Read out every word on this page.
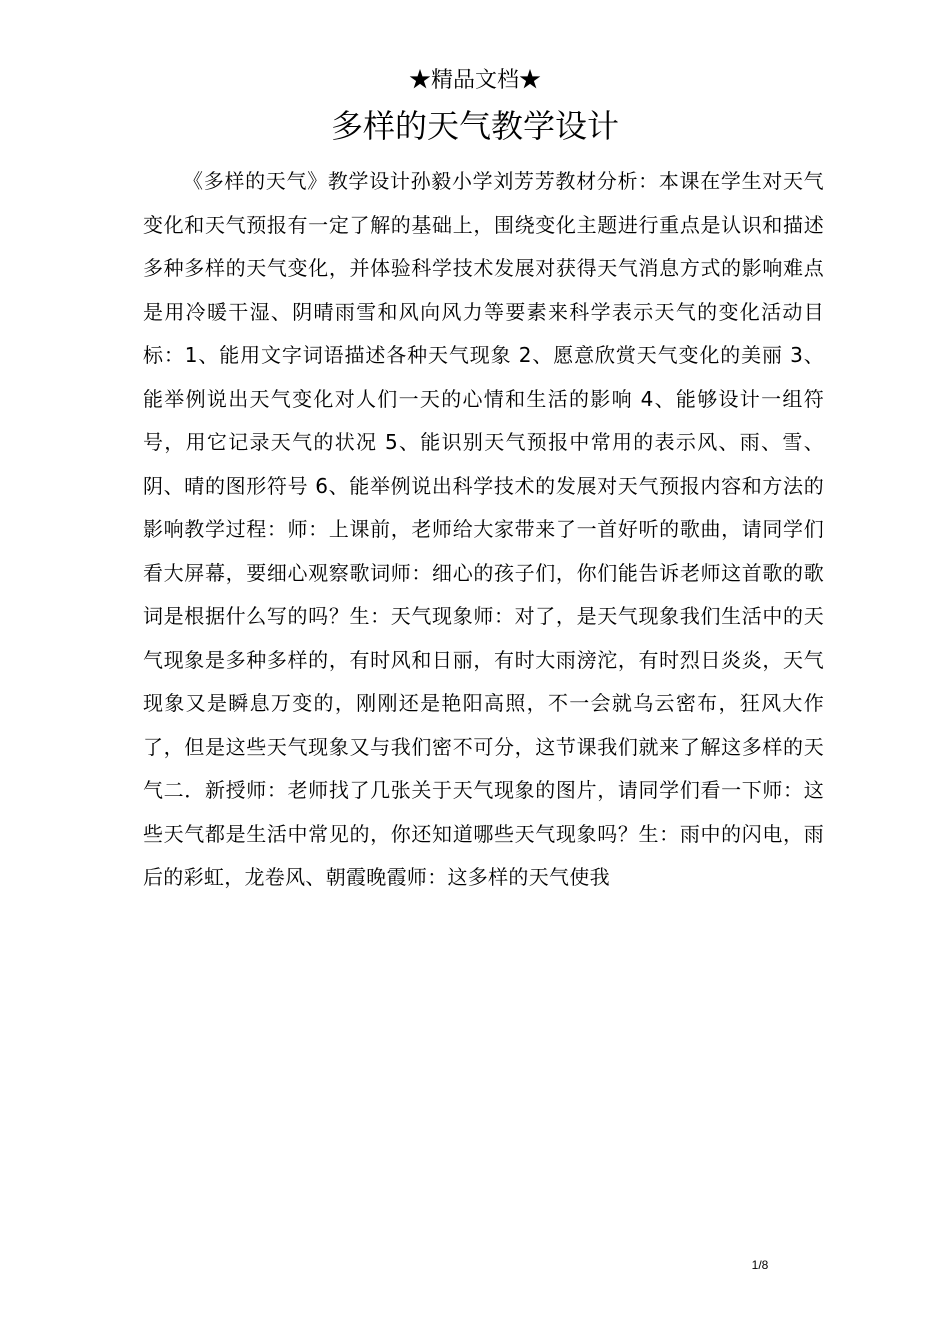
★精品文档★
多样的天气教学设计

《多样的天气》教学设计孙毅小学刘芳芳教材分析：本课在学生对天气变化和天气预报有一定了解的基础上，围绕变化主题进行重点是认识和描述多种多样的天气变化，并体验科学技术发展对获得天气消息方式的影响难点是用冷暖干湿、阴晴雨雪和风向风力等要素来科学表示天气的变化活动目标：1、能用文字词语描述各种天气现象 2、愿意欣赏天气变化的美丽 3、能举例说出天气变化对人们一天的心情和生活的影响 4、能够设计一组符号，用它记录天气的状况 5、能识别天气预报中常用的表示风、雨、雪、阴、晴的图形符号 6、能举例说出科学技术的发展对天气预报内容和方法的影响教学过程：师：上课前，老师给大家带来了一首好听的歌曲，请同学们看大屏幕，要细心观察歌词师：细心的孩子们，你们能告诉老师这首歌的歌词是根据什么写的吗？生：天气现象师：对了，是天气现象我们生活中的天气现象是多种多样的，有时风和日丽，有时大雨滂沱，有时烈日炎炎，天气现象又是瞬息万变的，刚刚还是艳阳高照，不一会就乌云密布，狂风大作了，但是这些天气现象又与我们密不可分，这节课我们就来了解这多样的天气二．新授师：老师找了几张关于天气现象的图片，请同学们看一下师：这些天气都是生活中常见的，你还知道哪些天气现象吗？生：雨中的闪电，雨后的彩虹，龙卷风、朝霞晚霞师：这多样的天气使我

1/8
